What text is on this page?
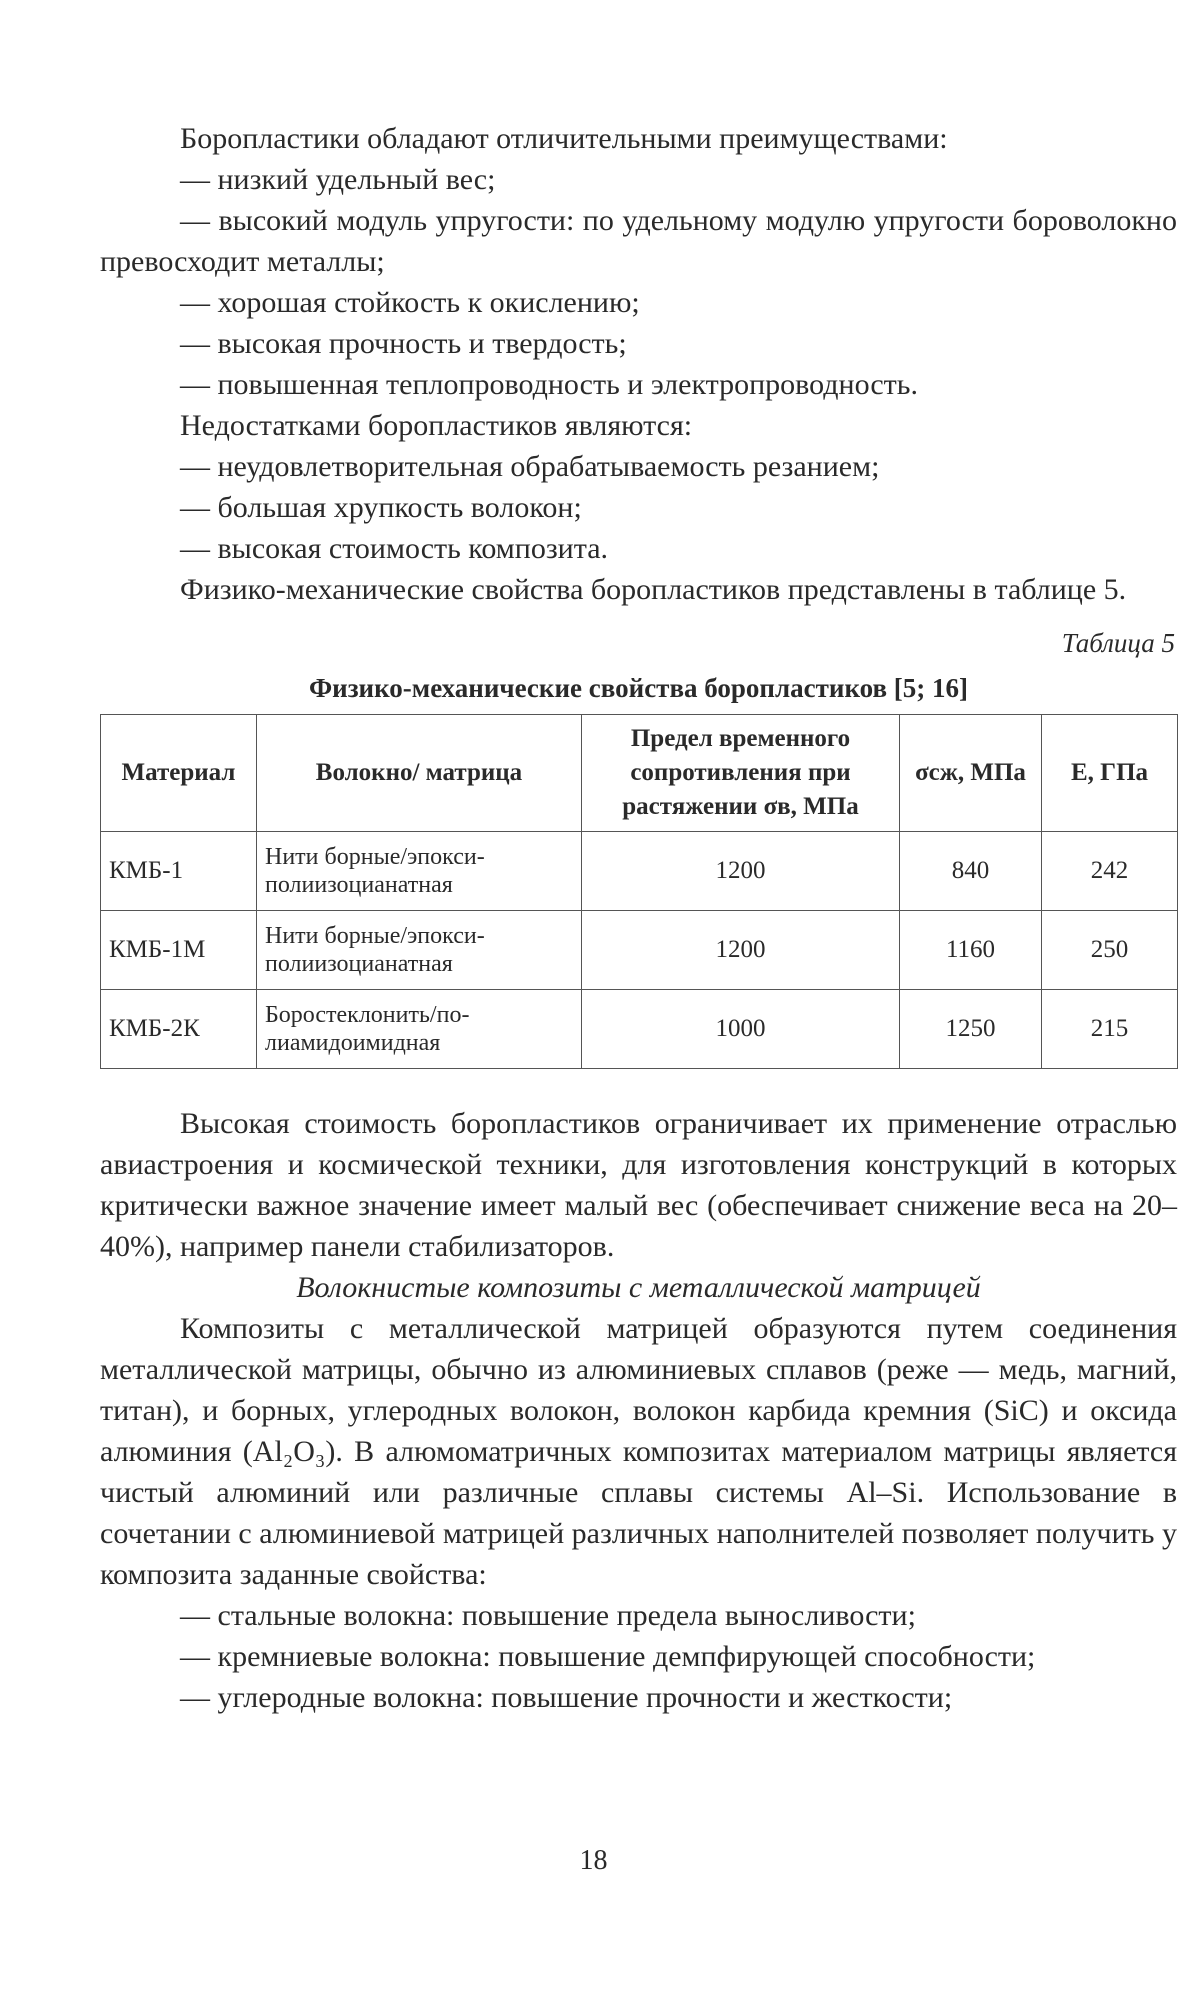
Боропластики обладают отличительными преимуществами:

— низкий удельный вес;

— высокий модуль упругости: по удельному модулю упругости бороволокно превосходит металлы;

— хорошая стойкость к окислению;

— высокая прочность и твердость;

— повышенная теплопроводность и электропроводность.

Недостатками боропластиков являются:

— неудовлетворительная обрабатываемость резанием;

— большая хрупкость волокон;

— высокая стоимость композита.

Физико-механические свойства боропластиков представлены в таблице 5.

Таблица 5
Физико-механические свойства боропластиков [5; 16]
Материал	Волокно/ матрица	Предел временного сопротивления при растяжении σв, МПа	σсж, МПа	E, ГПа
КМБ-1	Нити борные/эпокси-полиизоцианатная	1200	840	242
КМБ-1М	Нити борные/эпокси-полиизоцианатная	1200	1160	250
КМБ-2К	Боростеклонить/по-лиамидоимидная	1000	1250	215

Высокая стоимость боропластиков ограничивает их применение отраслью авиастроения и космической техники, для изготовления конструкций в которых критически важное значение имеет малый вес (обеспечивает снижение веса на 20–40%), например панели стабилизаторов.

Волокнистые композиты с металлической матрицей

Композиты с металлической матрицей образуются путем соединения металлической матрицы, обычно из алюминиевых сплавов (реже — медь, магний, титан), и борных, углеродных волокон, волокон карбида кремния (SiC) и оксида алюминия (Al₂O₃). В алюмоматричных композитах материалом матрицы является чистый алюминий или различные сплавы системы Al–Si. Использование в сочетании с алюминиевой матрицей различных наполнителей позволяет получить у композита заданные свойства:

— стальные волокна: повышение предела выносливости;

— кремниевые волокна: повышение демпфирующей способности;

— углеродные волокна: повышение прочности и жесткости;

18
